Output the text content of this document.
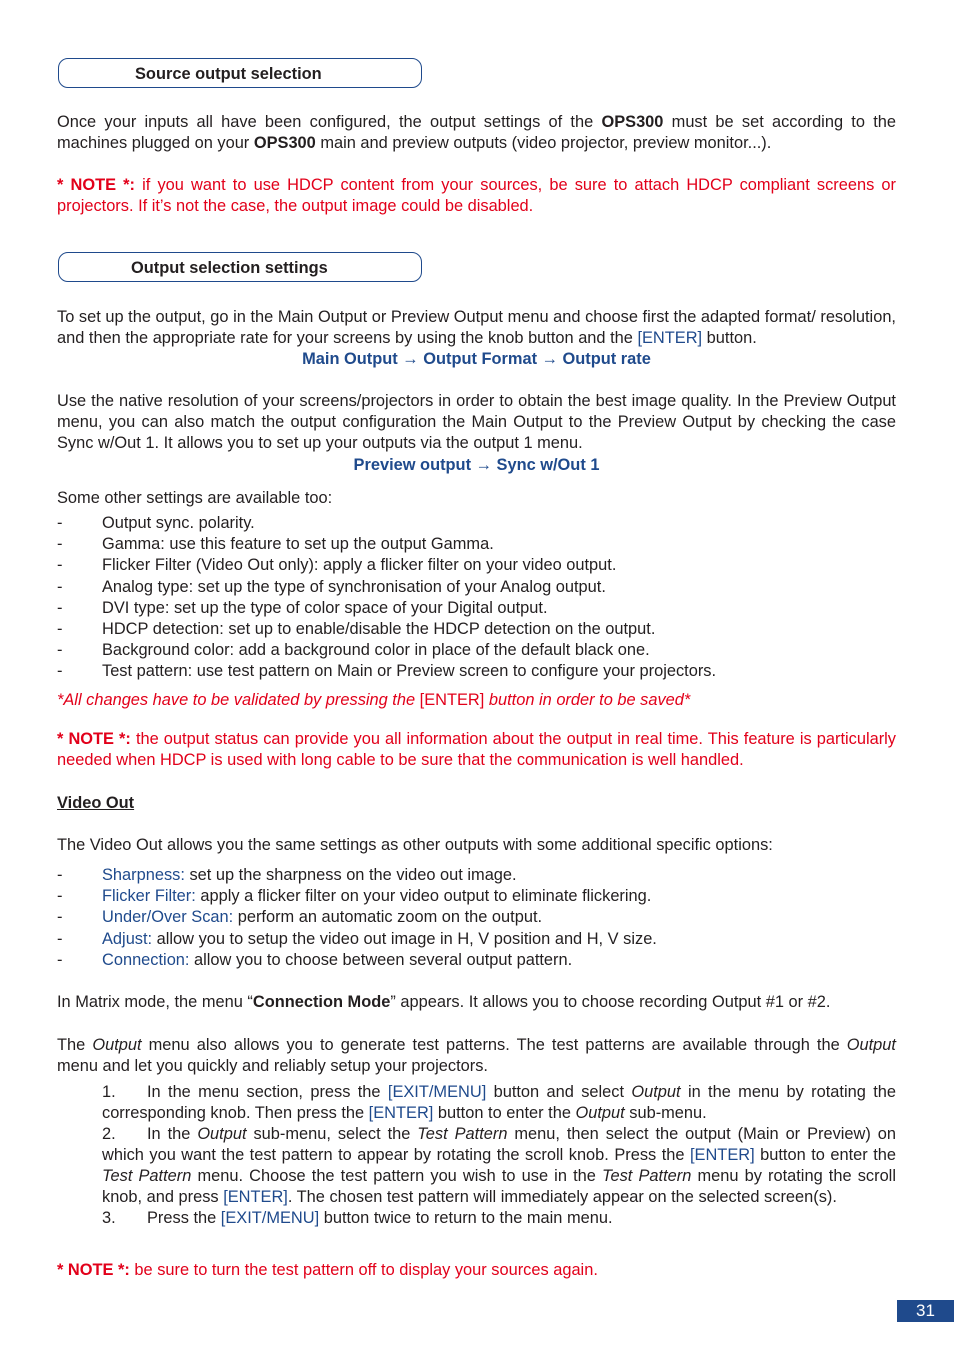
Source output selection

Once your inputs all have been configured, the output settings of the OPS300 must be set according to the machines plugged on your OPS300 main and preview outputs (video projector, preview monitor...).

* NOTE *: if you want to use HDCP content from your sources, be sure to attach HDCP compliant screens or projectors. If it’s not the case, the output image could be disabled.

Output selection settings

To set up the output, go in the Main Output or Preview Output menu and choose first the adapted format/ resolution, and then the appropriate rate for your screens by using the knob button and the [ENTER] button.

Main Output → Output Format → Output rate

Use the native resolution of your screens/projectors in order to obtain the best image quality. In the Preview Output menu, you can also match the output configuration the Main Output to the Preview Output by checking the case Sync w/Out 1. It allows you to set up your outputs via the output 1 menu.

Preview output → Sync w/Out 1

Some other settings are available too:

- Output sync. polarity.
- Gamma: use this feature to set up the output Gamma.
- Flicker Filter (Video Out only): apply a flicker filter on your video output.
- Analog type: set up the type of synchronisation of your Analog output.
- DVI type: set up the type of color space of your Digital output.
- HDCP detection: set up to enable/disable the HDCP detection on the output.
- Background color: add a background color in place of the default black one.
- Test pattern: use test pattern on Main or Preview screen to configure your projectors.

*All changes have to be validated by pressing the [ENTER] button in order to be saved*

* NOTE *: the output status can provide you all information about the output in real time. This feature is particularly needed when HDCP is used with long cable to be sure that the communication is well handled.

Video Out

The Video Out allows you the same settings as other outputs with some additional specific options:

- Sharpness: set up the sharpness on the video out image.
- Flicker Filter: apply a flicker filter on your video output to eliminate flickering.
- Under/Over Scan: perform an automatic zoom on the output.
- Adjust: allow you to setup the video out image in H, V position and H, V size.
- Connection: allow you to choose between several output pattern.

In Matrix mode, the menu “Connection Mode” appears. It allows you to choose recording Output #1 or #2.

The Output menu also allows you to generate test patterns. The test patterns are available through the Output menu and let you quickly and reliably setup your projectors.

1. In the menu section, press the [EXIT/MENU] button and select Output in the menu by rotating the corresponding knob. Then press the [ENTER] button to enter the Output sub-menu.
2. In the Output sub-menu, select the Test Pattern menu, then select the output (Main or Preview) on which you want the test pattern to appear by rotating the scroll knob. Press the [ENTER] button to enter the Test Pattern menu. Choose the test pattern you wish to use in the Test Pattern menu by rotating the scroll knob, and press [ENTER]. The chosen test pattern will immediately appear on the selected screen(s).
3. Press the [EXIT/MENU] button twice to return to the main menu.

* NOTE *: be sure to turn the test pattern off to display your sources again.

31
